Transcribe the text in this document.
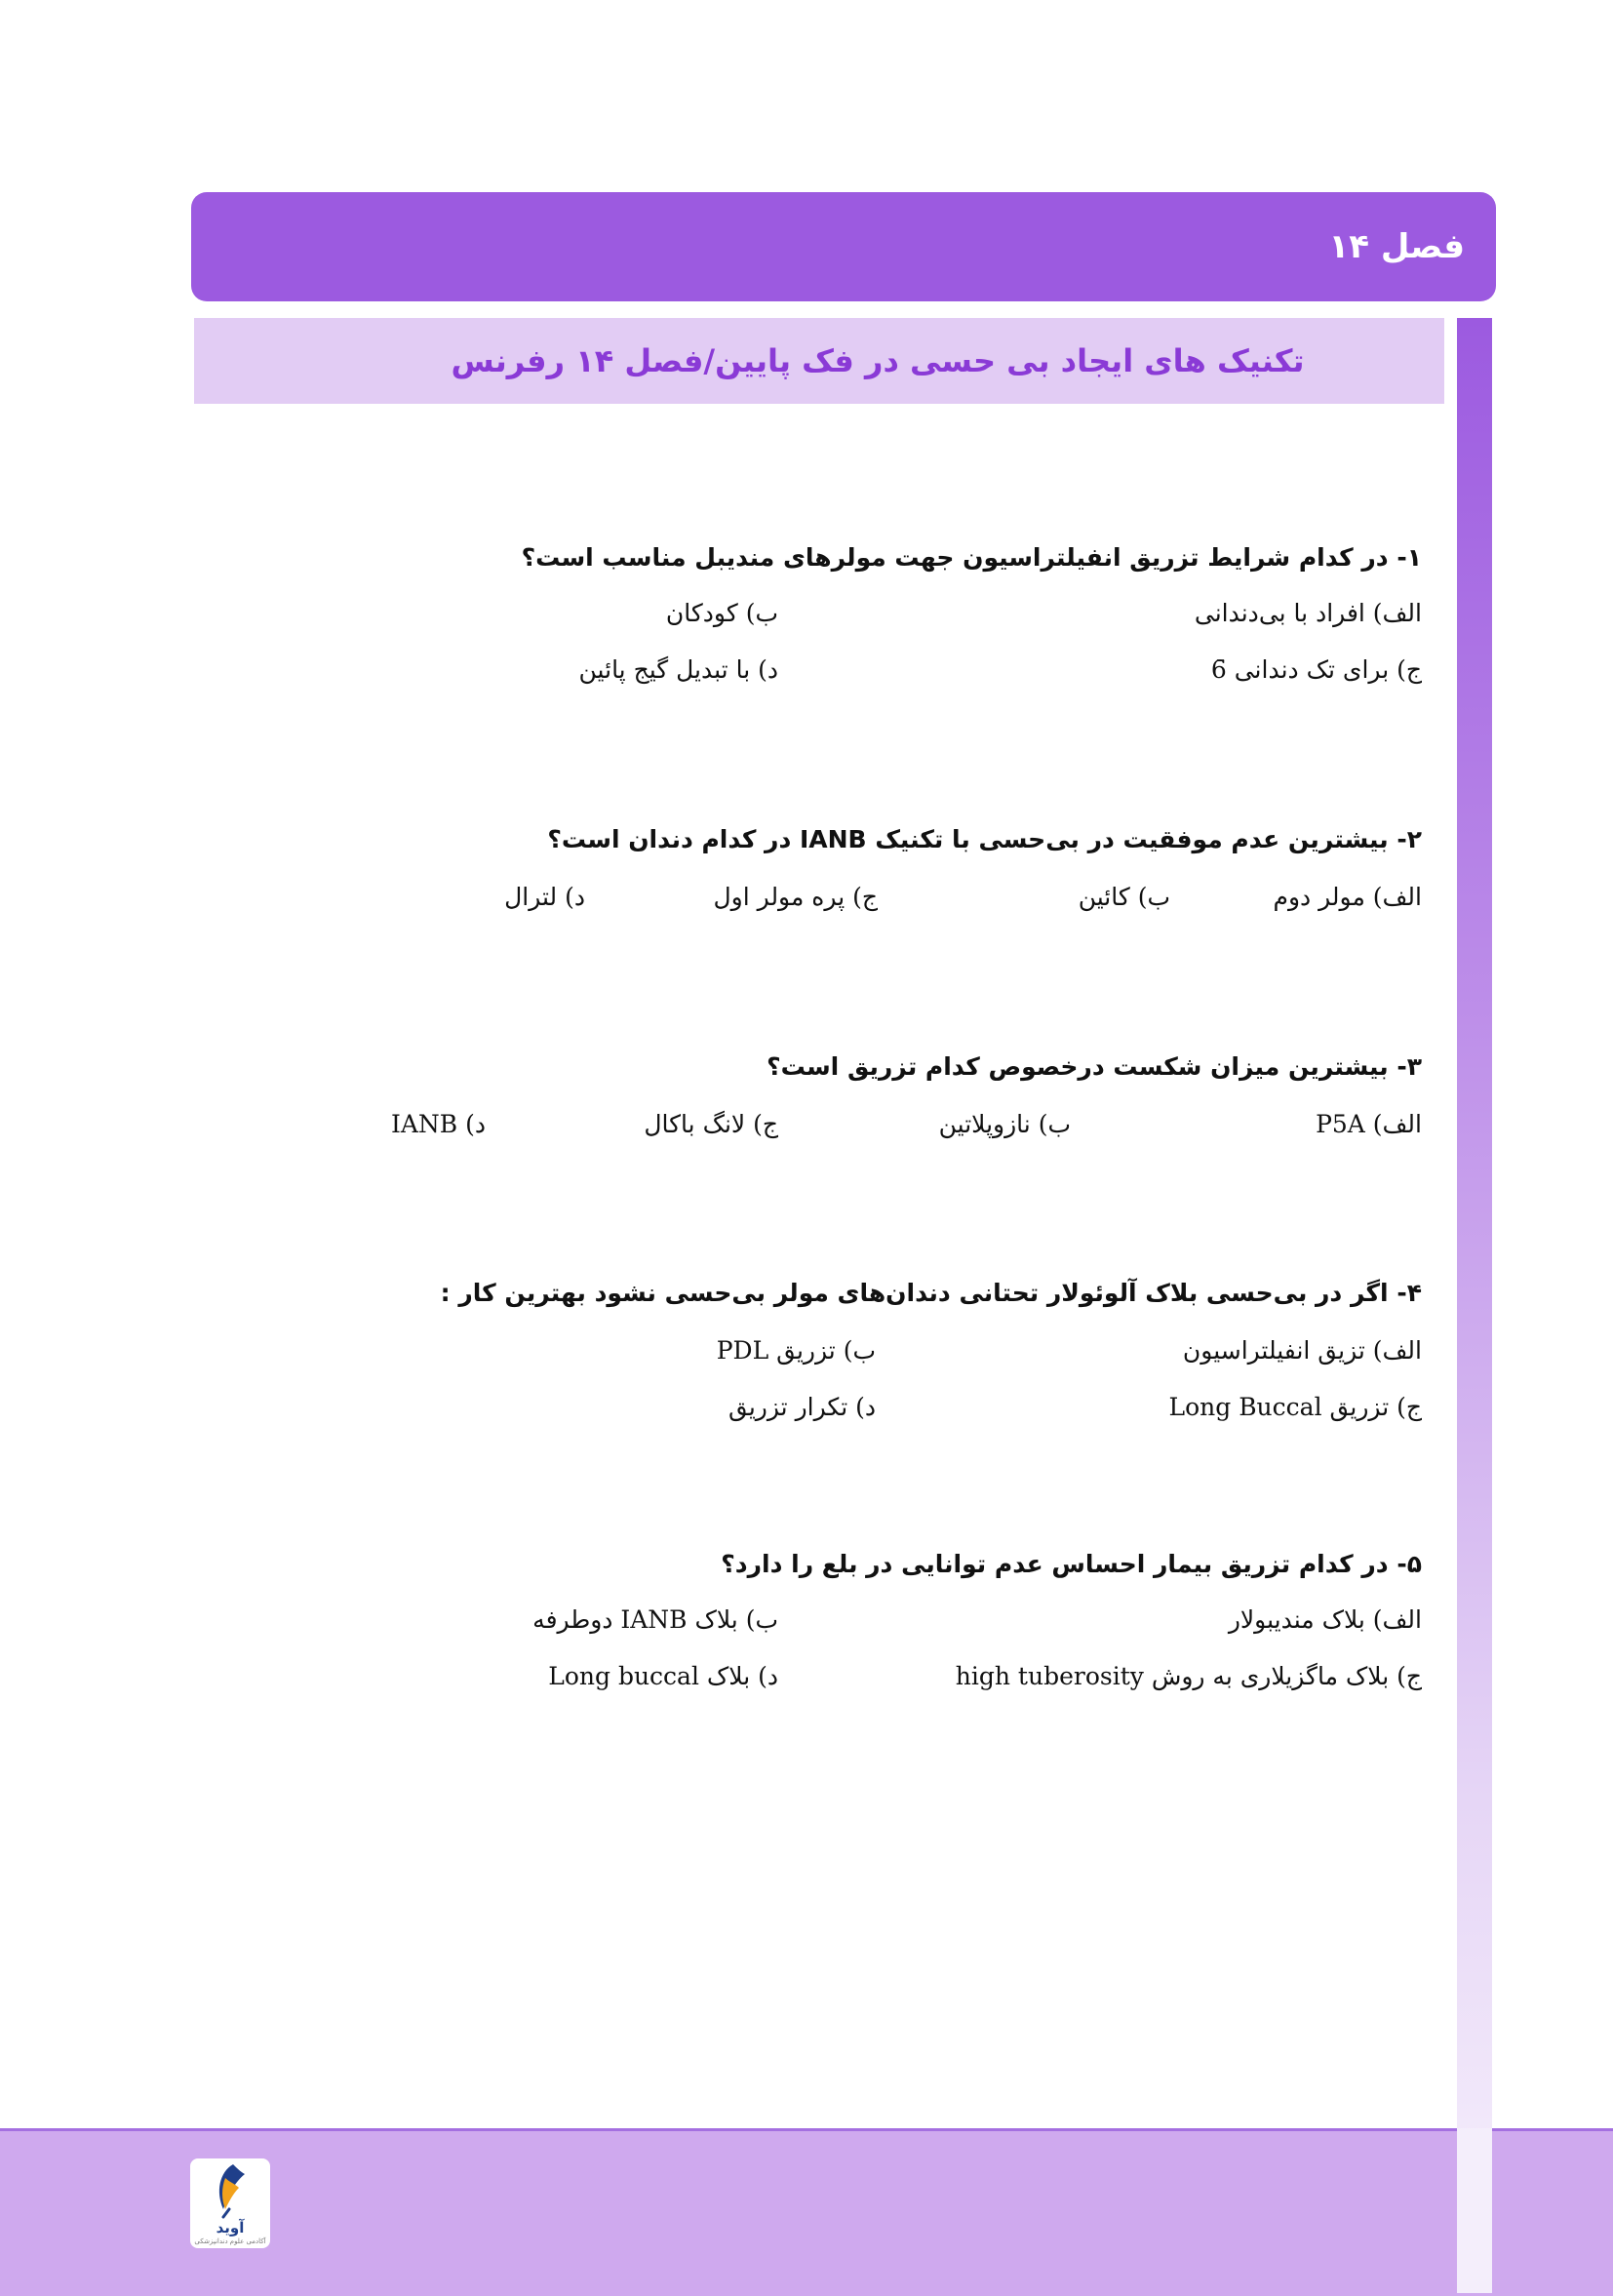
فصل ۱۴
تکنیک های ایجاد بی حسی در فک پایین/فصل ۱۴ رفرنس
۱- در کدام شرایط تزریق انفیلتراسیون جهت مولرهای مندیبل مناسب است؟
الف) افراد با بی‌دندانی
ب) کودکان
ج) برای تک دندانی 6̄
د) با تبدیل گیج پائین
۲- بیشترین عدم موفقیت در بی‌حسی با تکنیک IANB در کدام دندان است؟
الف) مولر دوم
ب) کائین
ج) پره مولر اول
د) لترال
۳- بیشترین میزان شکست درخصوص کدام تزریق است؟
الف) P5A
ب) نازوپلاتین
ج) لانگ باکال
د) IANB
۴- اگر در بی‌حسی بلاک آلوئولار تحتانی دندان‌های مولر بی‌حسی نشود بهترین کار :
الف) تزیق انفیلتراسیون
ب) تزریق PDL
ج) تزریق Long Buccal
د) تکرار تزریق
۵- در کدام تزریق بیمار احساس عدم توانایی در بلع را دارد؟
الف) بلاک مندیبولار
ب) بلاک IANB دوطرفه
ج) بلاک ماگزیلاری به روش high tuberosity
د) بلاک Long buccal
آوید
آکادمی علوم دندانپزشکی
